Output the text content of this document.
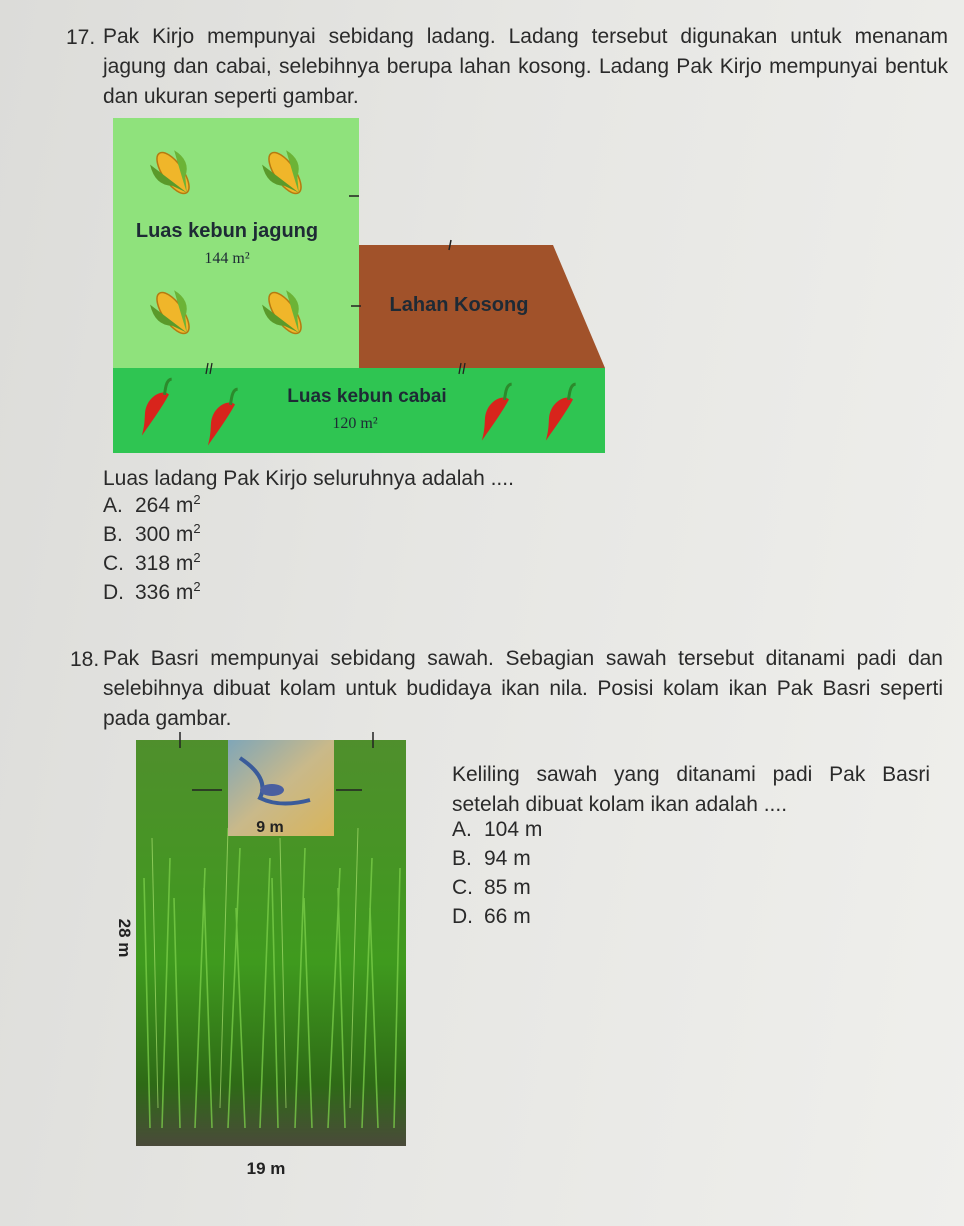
17. Pak Kirjo mempunyai sebidang ladang. Ladang tersebut digunakan untuk menanam jagung dan cabai, selebihnya berupa lahan kosong. Ladang Pak Kirjo mempunyai bentuk dan ukuran seperti gambar.
Luas kebun jagung
144 m²
Lahan Kosong
Luas kebun cabai
120 m²
Luas ladang Pak Kirjo seluruhnya adalah ....
A. 264 $m^2$
B. 300 $m^2$
C. 318 $m^2$
D. 336 $m^2$
18. Pak Basri mempunyai sebidang sawah. Sebagian sawah tersebut ditanami padi dan selebihnya dibuat kolam untuk budidaya ikan nila. Posisi kolam ikan Pak Basri seperti pada gambar.
9 m
28 m
19 m
Keliling sawah yang ditanami padi Pak Basri setelah dibuat kolam ikan adalah ....
A. 104 m
B. 94 m
C. 85 m
D. 66 m
